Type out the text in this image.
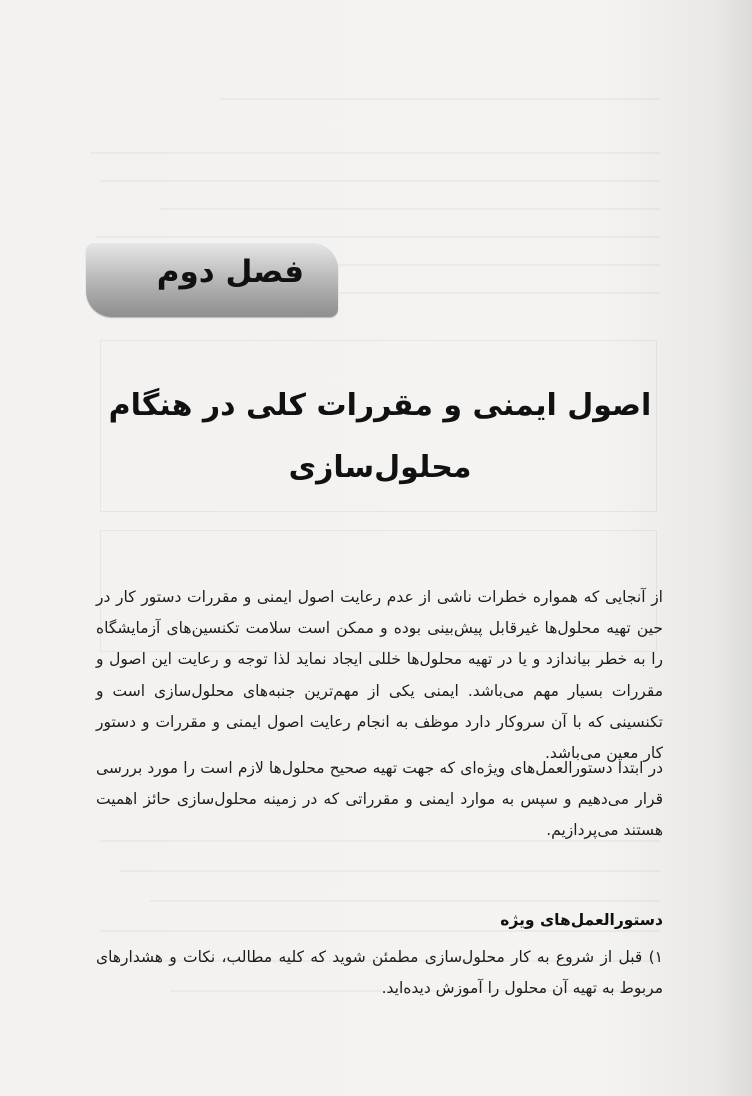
فصل دوم
اصول ایمنی و مقررات کلی در هنگام
محلول‌سازی

از آنجایی که همواره خطرات ناشی از عدم رعایت اصول ایمنی و مقررات دستور کار در حین تهیه محلول‌ها غیرقابل پیش‌بینی بوده و ممکن است سلامت تکنسین‌های آزمایشگاه را به خطر بیاندازد و یا در تهیه محلول‌ها خللی ایجاد نماید لذا توجه و رعایت این اصول و مقررات بسیار مهم می‌باشد. ایمنی یکی از مهم‌ترین جنبه‌های محلول‌سازی است و تکنسینی که با آن سروکار دارد موظف به انجام رعایت اصول ایمنی و مقررات و دستور کار معین می‌باشد.

در ابتدا دستورالعمل‌های ویژه‌ای که جهت تهیه صحیح محلول‌ها لازم است را مورد بررسی قرار می‌دهیم و سپس به موارد ایمنی و مقرراتی که در زمینه محلول‌سازی حائز اهمیت هستند می‌پردازیم.

دستورالعمل‌های ویژه

۱) قبل از شروع به کار محلول‌سازی مطمئن شوید که کلیه مطالب، نکات و هشدارهای مربوط به تهیه آن محلول را آموزش دیده‌اید.
